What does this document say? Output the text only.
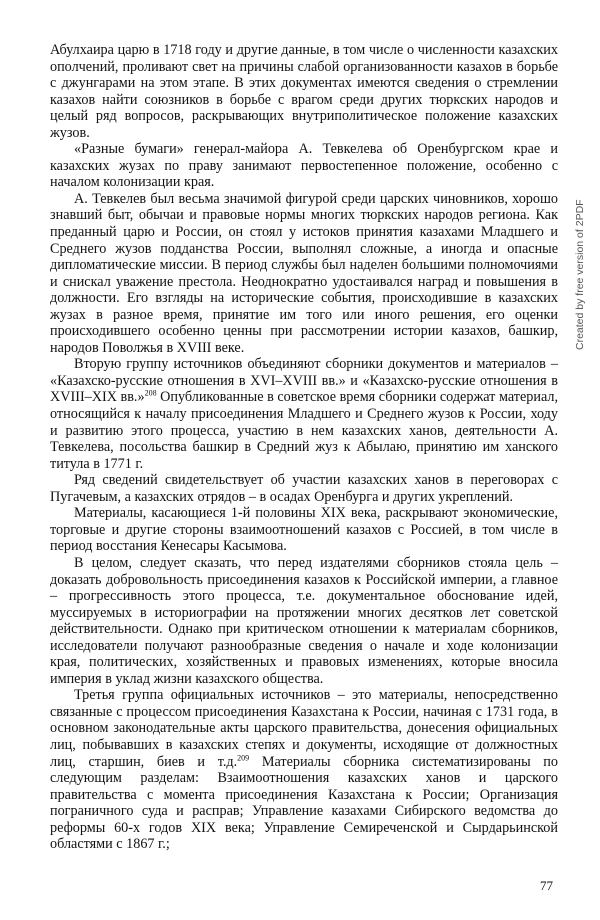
Абулхаира царю в 1718 году и другие данные, в том числе о численности казахских ополчений, проливают свет на причины слабой организованности казахов в борьбе с джунгарами на этом этапе. В этих документах имеются сведения о стремлении казахов найти союзников в борьбе с врагом среди других тюркских народов и целый ряд вопросов, раскрывающих внутриполитическое положение казахских жузов.

«Разные бумаги» генерал-майора А. Тевкелева об Оренбургском крае и казахских жузах по праву занимают первостепенное положение, особенно с началом колонизации края.

А. Тевкелев был весьма значимой фигурой среди царских чиновников, хорошо знавший быт, обычаи и правовые нормы многих тюркских народов региона. Как преданный царю и России, он стоял у истоков принятия казахами Младшего и Среднего жузов подданства России, выполнял сложные, а иногда и опасные дипломатические миссии. В период службы был наделен большими полномочиями и снискал уважение престола. Неоднократно удостаивался наград и повышения в должности. Его взгляды на исторические события, происходившие в казахских жузах в разное время, принятие им того или иного решения, его оценки происходившего особенно ценны при рассмотрении истории казахов, башкир, народов Поволжья в XVIII веке.

Вторую группу источников объединяют сборники документов и материалов – «Казахско-русские отношения в XVI–XVIII вв.» и «Казахско-русские отношения в XVIII–XIX вв.»$^{208}$ Опубликованные в советское время сборники содержат материал, относящийся к началу присоединения Младшего и Среднего жузов к России, ходу и развитию этого процесса, участию в нем казахских ханов, деятельности А. Тевкелева, посольства башкир в Средний жуз к Абылаю, принятию им ханского титула в 1771 г.

Ряд сведений свидетельствует об участии казахских ханов в переговорах с Пугачевым, а казахских отрядов – в осадах Оренбурга и других укреплений.

Материалы, касающиеся 1-й половины XIX века, раскрывают экономические, торговые и другие стороны взаимоотношений казахов с Россией, в том числе в период восстания Кенесары Касымова.

В целом, следует сказать, что перед издателями сборников стояла цель – доказать добровольность присоединения казахов к Российской империи, а главное – прогрессивность этого процесса, т.е. документальное обоснование идей, муссируемых в историографии на протяжении многих десятков лет советской действительности. Однако при критическом отношении к материалам сборников, исследователи получают разнообразные сведения о начале и ходе колонизации края, политических, хозяйственных и правовых изменениях, которые вносила империя в уклад жизни казахского общества.

Третья группа официальных источников – это материалы, непосредственно связанные с процессом присоединения Казахстана к России, начиная с 1731 года, в основном законодательные акты царского правительства, донесения официальных лиц, побывавших в казахских степях и документы, исходящие от должностных лиц, старшин, биев и т.д.$^{209}$ Материалы сборника систематизированы по следующим разделам: Взаимоотношения казахских ханов и царского правительства с момента присоединения Казахстана к России; Организация пограничного суда и расправ; Управление казахами Сибирского ведомства до реформы 60-х годов XIX века; Управление Семиреченской и Сырдарьинской областями с 1867 г.;

Created by free version of 2PDF
77
